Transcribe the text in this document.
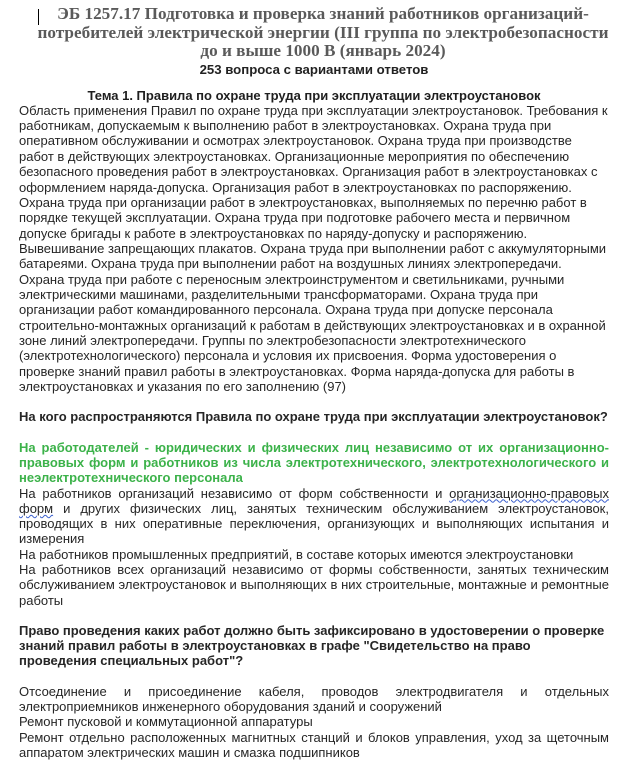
ЭБ 1257.17 Подготовка и проверка знаний работников организаций-потребителей электрической энергии (III группа по электробезопасности до и выше 1000 В (январь 2024)
253 вопроса с вариантами ответов
Тема 1. Правила по охране труда при эксплуатации электроустановок

Область применения Правил по охране труда при эксплуатации электроустановок. Требования к работникам, допускаемым к выполнению работ в электроустановках. Охрана труда при оперативном обслуживании и осмотрах электроустановок. Охрана труда при производстве работ в действующих электроустановках. Организационные мероприятия по обеспечению безопасного проведения работ в электроустановках. Организация работ в электроустановках с оформлением наряда-допуска. Организация работ в электроустановках по распоряжению. Охрана труда при организации работ в электроустановках, выполняемых по перечню работ в порядке текущей эксплуатации. Охрана труда при подготовке рабочего места и первичном допуске бригады к работе в электроустановках по наряду-допуску и распоряжению. Вывешивание запрещающих плакатов. Охрана труда при выполнении работ с аккумуляторными батареями. Охрана труда при выполнении работ на воздушных линиях электропередачи. Охрана труда при работе с переносным электроинструментом и светильниками, ручными электрическими машинами, разделительными трансформаторами. Охрана труда при организации работ командированного персонала. Охрана труда при допуске персонала строительно-монтажных организаций к работам в действующих электроустановках и в охранной зоне линий электропередачи. Группы по электробезопасности электротехнического (электротехнологического) персонала и условия их присвоения. Форма удостоверения о проверке знаний правил работы в электроустановках. Форма наряда-допуска для работы в электроустановках и указания по его заполнению (97)

На кого распространяются Правила по охране труда при эксплуатации электроустановок?

На работодателей - юридических и физических лиц независимо от их организационно-правовых форм и работников из числа электротехнического, электротехнологического и неэлектротехнического персонала

На работников организаций независимо от форм собственности и организационно-правовых форм и других физических лиц, занятых техническим обслуживанием электроустановок, проводящих в них оперативные переключения, организующих и выполняющих испытания и измерения

На работников промышленных предприятий, в составе которых имеются электроустановки

На работников всех организаций независимо от формы собственности, занятых техническим обслуживанием электроустановок и выполняющих в них строительные, монтажные и ремонтные работы

Право проведения каких работ должно быть зафиксировано в удостоверении о проверке знаний правил работы в электроустановках в графе "Свидетельство на право проведения специальных работ"?

Отсоединение и присоединение кабеля, проводов электродвигателя и отдельных электроприемников инженерного оборудования зданий и сооружений

Ремонт пусковой и коммутационной аппаратуры

Ремонт отдельно расположенных магнитных станций и блоков управления, уход за щеточным аппаратом электрических машин и смазка подшипников
